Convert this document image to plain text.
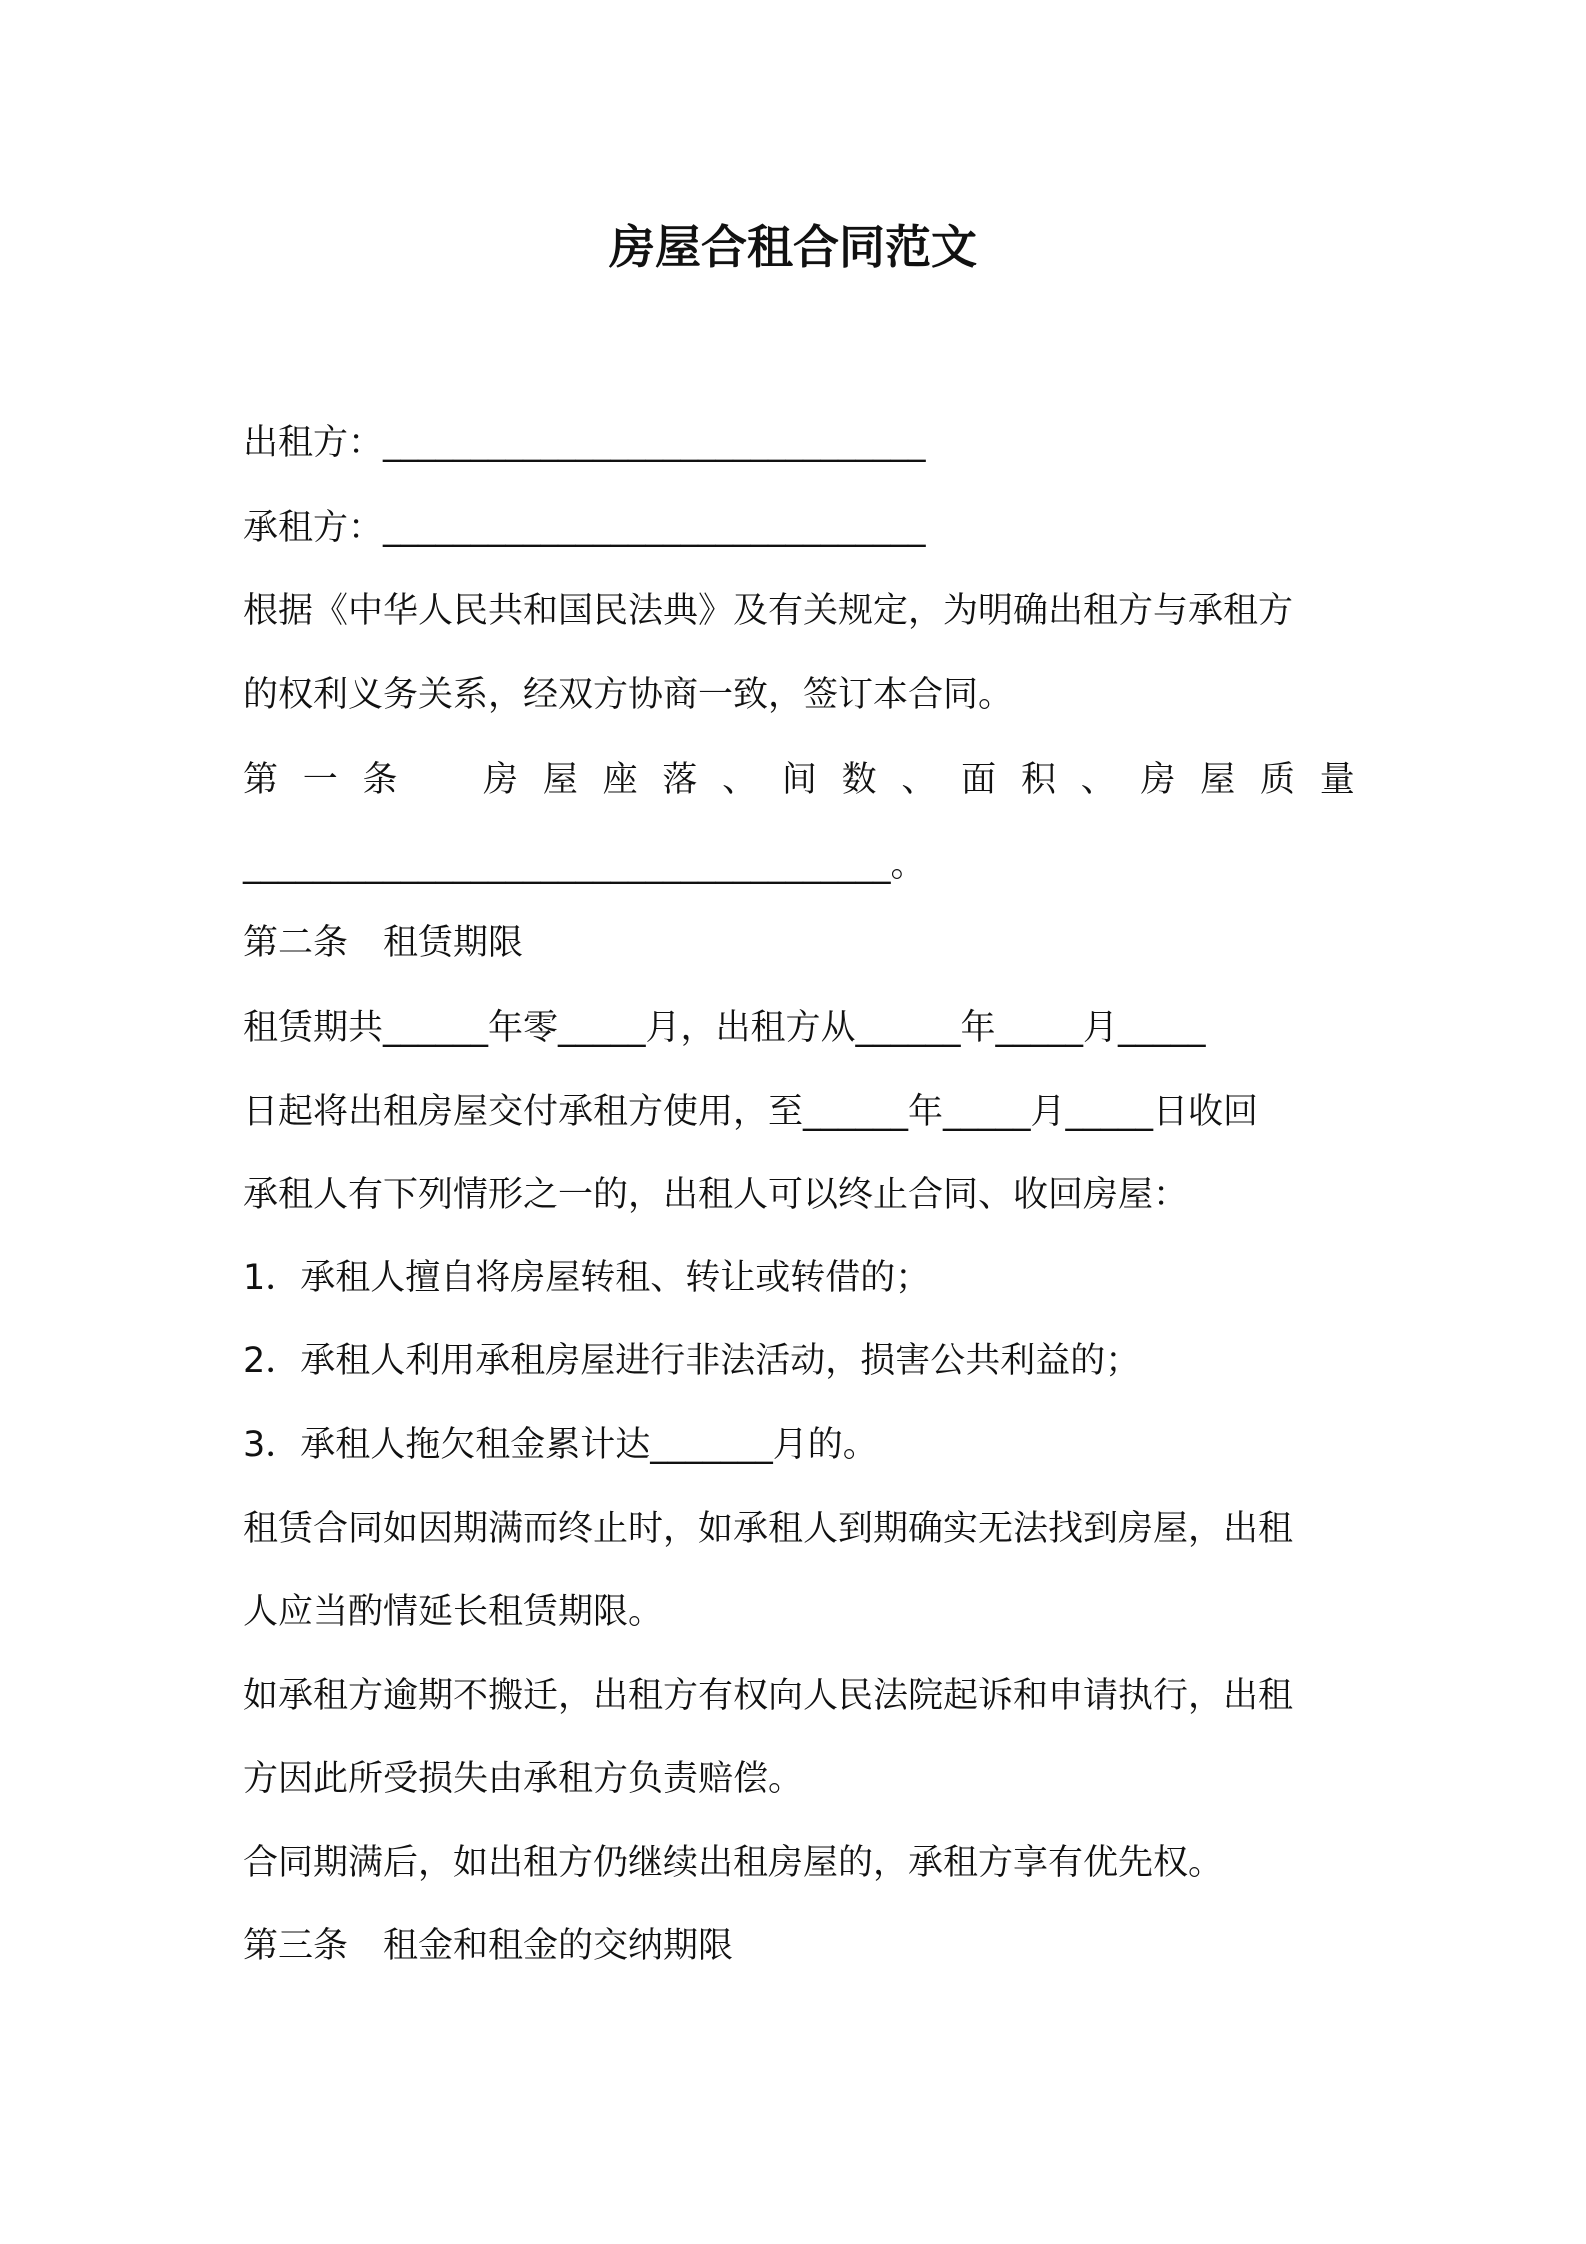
房屋合租合同范文
出租方：_______________________________
承租方：_______________________________
根据《中华人民共和国民法典》及有关规定，为明确出租方与承租方
的权利义务关系，经双方协商一致，签订本合同。
第 一 条 房 屋 座 落 、 间 数 、 面 积 、 房 屋 质 量
_____________________________________。
第二条　租赁期限
租赁期共______年零_____月，出租方从______年_____月_____
日起将出租房屋交付承租方使用，至______年_____月_____日收回
承租人有下列情形之一的，出租人可以终止合同、收回房屋：
1．承租人擅自将房屋转租、转让或转借的；
2．承租人利用承租房屋进行非法活动，损害公共利益的；
3．承租人拖欠租金累计达_______月的。
租赁合同如因期满而终止时，如承租人到期确实无法找到房屋，出租
人应当酌情延长租赁期限。
如承租方逾期不搬迁，出租方有权向人民法院起诉和申请执行，出租
方因此所受损失由承租方负责赔偿。
合同期满后，如出租方仍继续出租房屋的，承租方享有优先权。
第三条　租金和租金的交纳期限
